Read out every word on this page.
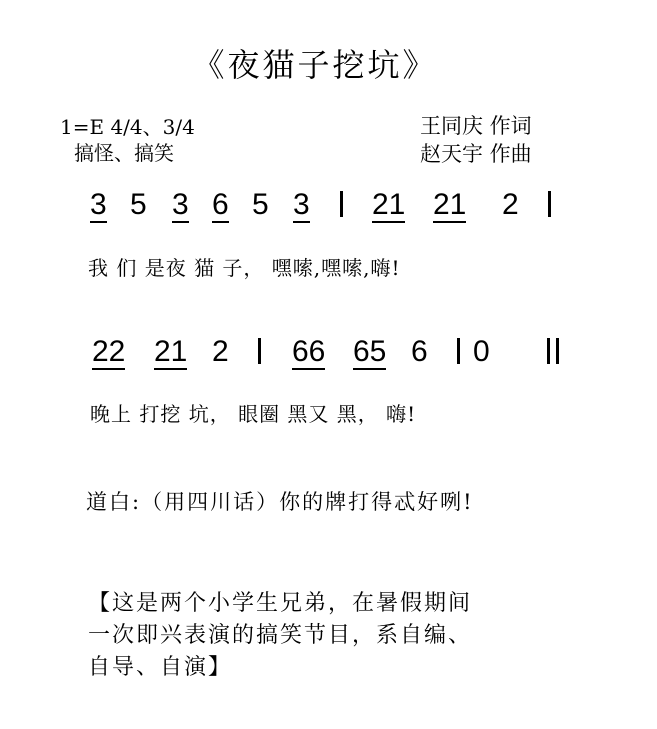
《夜猫子挖坑》
1=E 4/4、3/4
搞怪、搞笑
王同庆 作词
赵天宇 作曲
3 5 3 6 5 3 21 21 2
我 们 是夜 猫 子， 嘿嗦,嘿嗦,嗨!
22 21 2 66 65 6 0
晚上 打挖 坑， 眼圈 黑又 黑， 嗨!
道白:（用四川话）你的牌打得忒好咧!
【这是两个小学生兄弟，在暑假期间
一次即兴表演的搞笑节目，系自编、
自导、自演】
